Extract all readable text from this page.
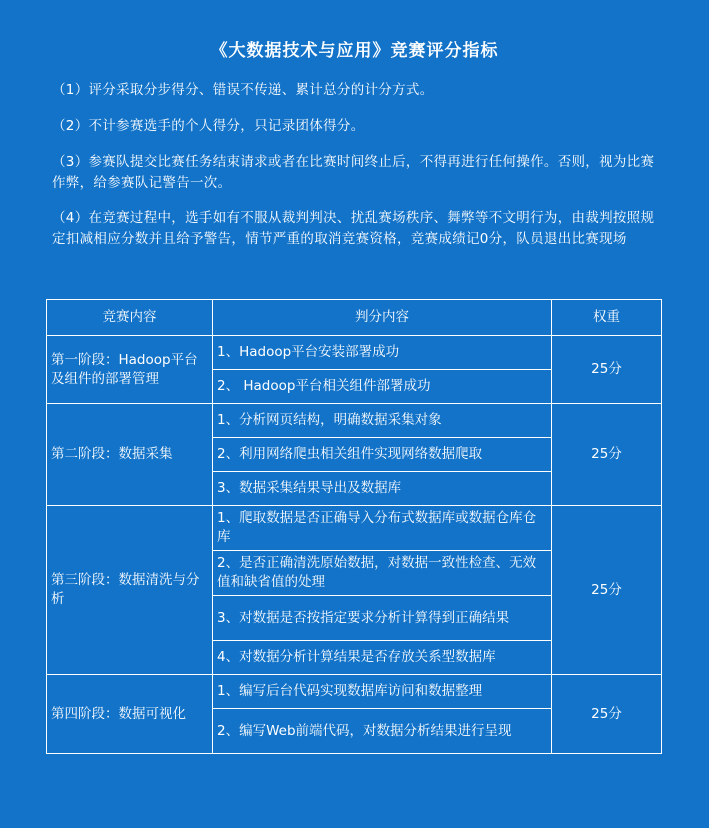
《大数据技术与应用》竞赛评分指标
（1）评分采取分步得分、错误不传递、累计总分的计分方式。
（2）不计参赛选手的个人得分，只记录团体得分。
（3）参赛队提交比赛任务结束请求或者在比赛时间终止后，不得再进行任何操作。否则，视为比赛作弊，给参赛队记警告一次。
（4）在竞赛过程中，选手如有不服从裁判判决、扰乱赛场秩序、舞弊等不文明行为，由裁判按照规定扣减相应分数并且给予警告，情节严重的取消竞赛资格，竞赛成绩记0分，队员退出比赛现场
竞赛内容	判分内容	权重
第一阶段：Hadoop平台及组件的部署管理	1、Hadoop平台安装部署成功	25分
	2、 Hadoop平台相关组件部署成功	
第二阶段：数据采集	1、分析网页结构，明确数据采集对象	25分
	2、利用网络爬虫相关组件实现网络数据爬取	
	3、数据采集结果导出及数据库	
第三阶段：数据清洗与分析	1、爬取数据是否正确导入分布式数据库或数据仓库仓库	25分
	2、是否正确清洗原始数据，对数据一致性检查、无效值和缺省值的处理	
	3、对数据是否按指定要求分析计算得到正确结果	
	4、对数据分析计算结果是否存放关系型数据库	
第四阶段：数据可视化	1、编写后台代码实现数据库访问和数据整理	25分
	2、编写Web前端代码，对数据分析结果进行呈现	
